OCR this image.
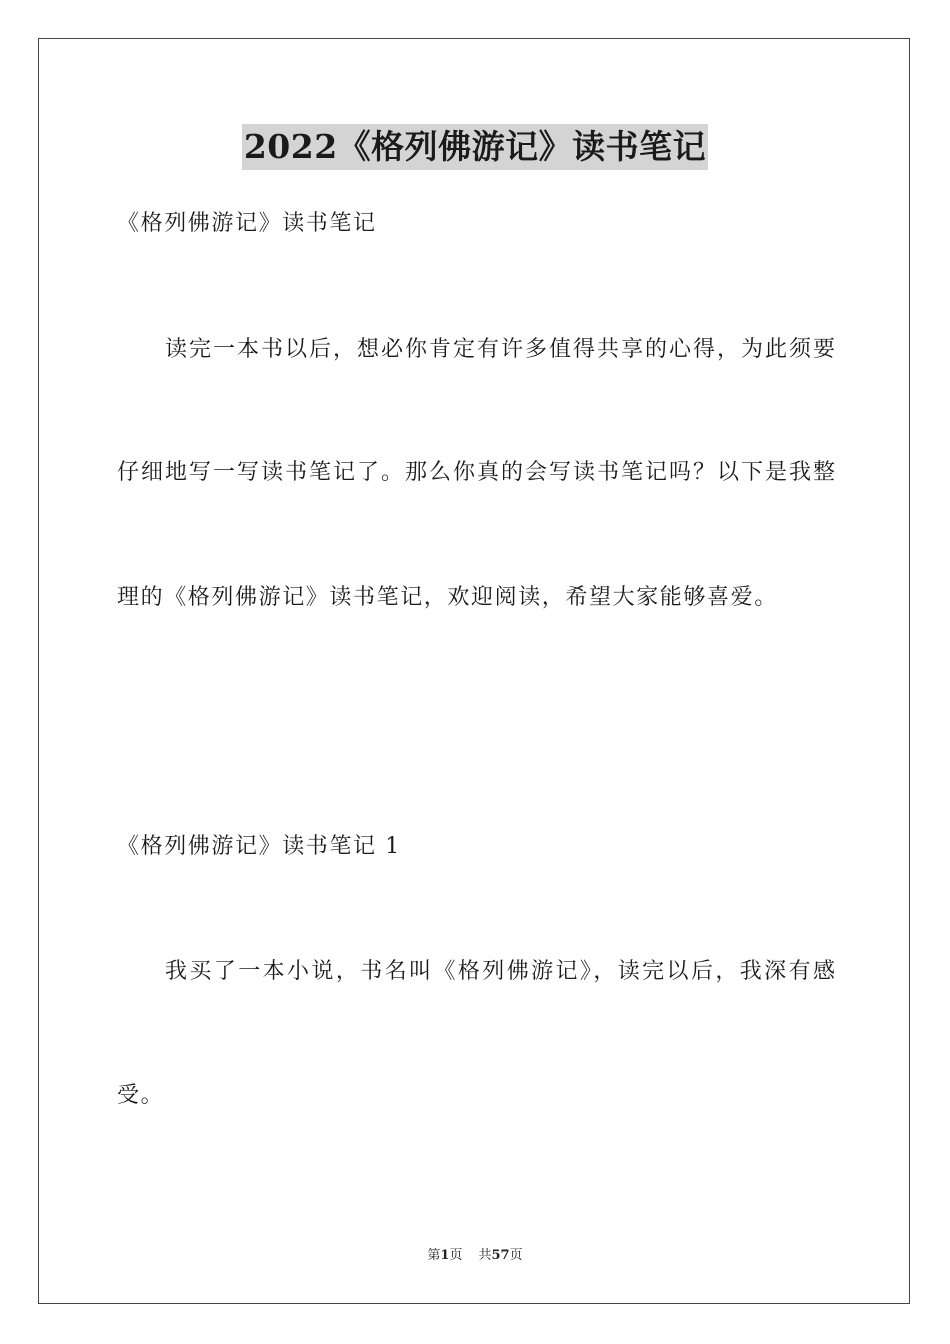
2022《格列佛游记》读书笔记
《格列佛游记》读书笔记
读完一本书以后，想必你肯定有许多值得共享的心得，为此须要
仔细地写一写读书笔记了。那么你真的会写读书笔记吗？以下是我整
理的《格列佛游记》读书笔记，欢迎阅读，希望大家能够喜爱。
《格列佛游记》读书笔记 1
我买了一本小说，书名叫《格列佛游记》，读完以后，我深有感
受。
第1页 共57页
